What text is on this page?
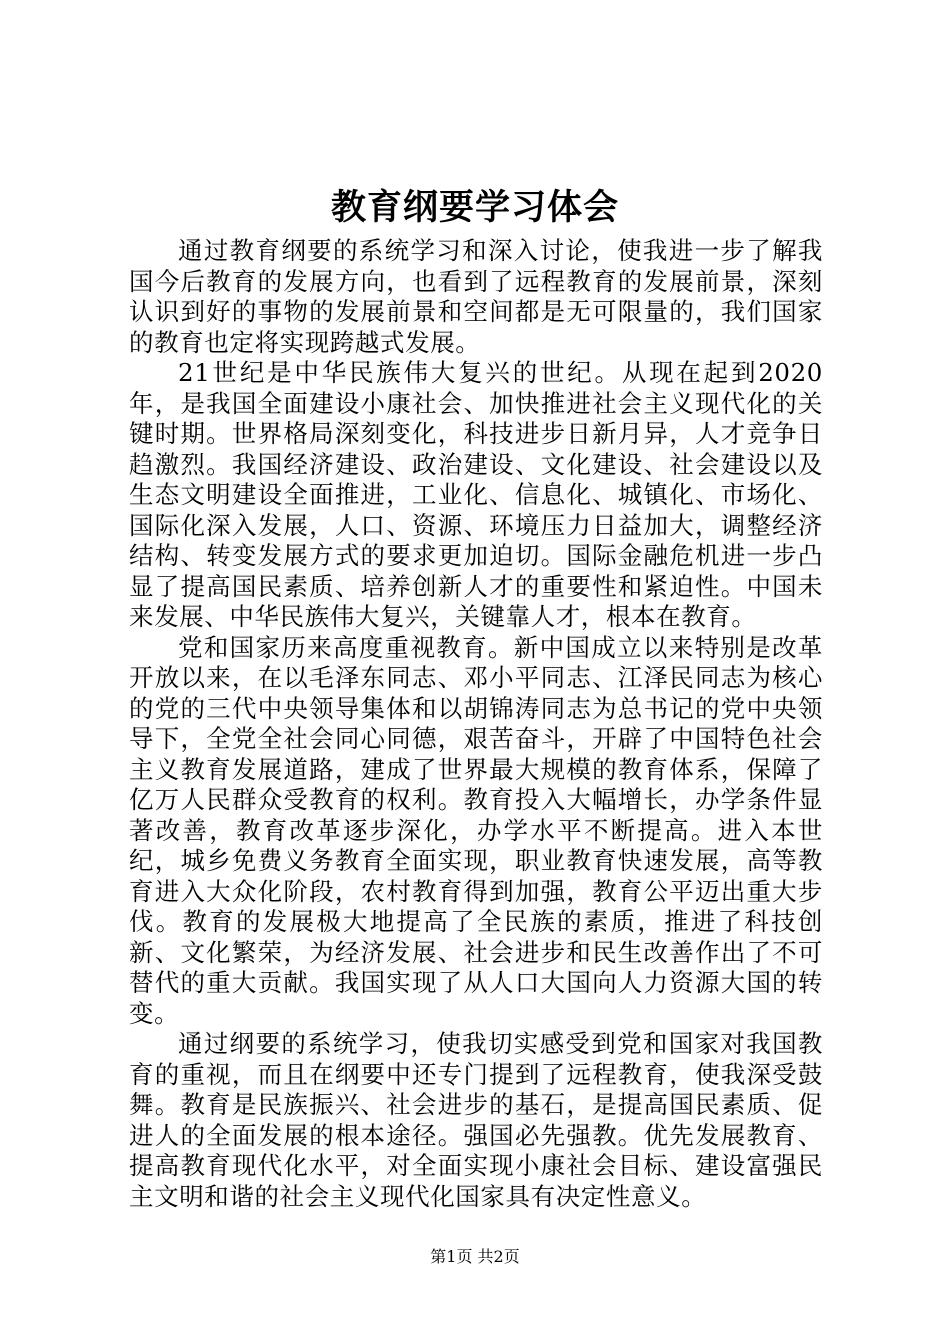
教育纲要学习体会

通过教育纲要的系统学习和深入讨论，使我进一步了解我国今后教育的发展方向，也看到了远程教育的发展前景，深刻认识到好的事物的发展前景和空间都是无可限量的，我们国家的教育也定将实现跨越式发展。

21世纪是中华民族伟大复兴的世纪。从现在起到2020年，是我国全面建设小康社会、加快推进社会主义现代化的关键时期。世界格局深刻变化，科技进步日新月异，人才竞争日趋激烈。我国经济建设、政治建设、文化建设、社会建设以及生态文明建设全面推进，工业化、信息化、城镇化、市场化、国际化深入发展，人口、资源、环境压力日益加大，调整经济结构、转变发展方式的要求更加迫切。国际金融危机进一步凸显了提高国民素质、培养创新人才的重要性和紧迫性。中国未来发展、中华民族伟大复兴，关键靠人才，根本在教育。

党和国家历来高度重视教育。新中国成立以来特别是改革开放以来，在以毛泽东同志、邓小平同志、江泽民同志为核心的党的三代中央领导集体和以胡锦涛同志为总书记的党中央领导下，全党全社会同心同德，艰苦奋斗，开辟了中国特色社会主义教育发展道路，建成了世界最大规模的教育体系，保障了亿万人民群众受教育的权利。教育投入大幅增长，办学条件显著改善，教育改革逐步深化，办学水平不断提高。进入本世纪，城乡免费义务教育全面实现，职业教育快速发展，高等教育进入大众化阶段，农村教育得到加强，教育公平迈出重大步伐。教育的发展极大地提高了全民族的素质，推进了科技创新、文化繁荣，为经济发展、社会进步和民生改善作出了不可替代的重大贡献。我国实现了从人口大国向人力资源大国的转变。

通过纲要的系统学习，使我切实感受到党和国家对我国教育的重视，而且在纲要中还专门提到了远程教育，使我深受鼓舞。教育是民族振兴、社会进步的基石，是提高国民素质、促进人的全面发展的根本途径。强国必先强教。优先发展教育、提高教育现代化水平，对全面实现小康社会目标、建设富强民主文明和谐的社会主义现代化国家具有决定性意义。

第1页 共2页
